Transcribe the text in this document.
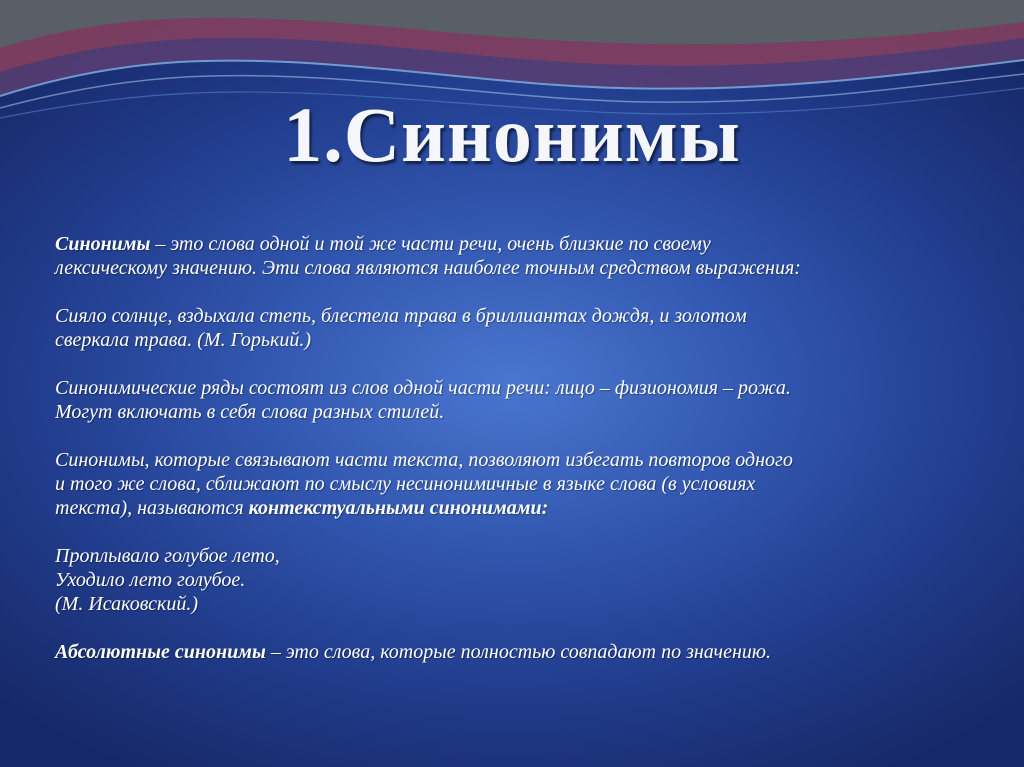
1.Синонимы

Синонимы – это слова одной и той же части речи, очень близкие по своему
лексическому значению. Эти слова являются наиболее точным средством выражения:

Сияло солнце, вздыхала степь, блестела трава в бриллиантах дождя, и золотом
сверкала трава. (М. Горький.)

Синонимические ряды состоят из слов одной части речи: лицо – физиономия – рожа.
Могут включать в себя слова разных стилей.

Синонимы, которые связывают части текста, позволяют избегать повторов одного
и того же слова, сближают по смыслу несинонимичные в языке слова (в условиях
текста), называются контекстуальными синонимами:

Проплывало голубое лето,
Уходило лето голубое.
(М. Исаковский.)

Абсолютные синонимы – это слова, которые полностью совпадают по значению.
